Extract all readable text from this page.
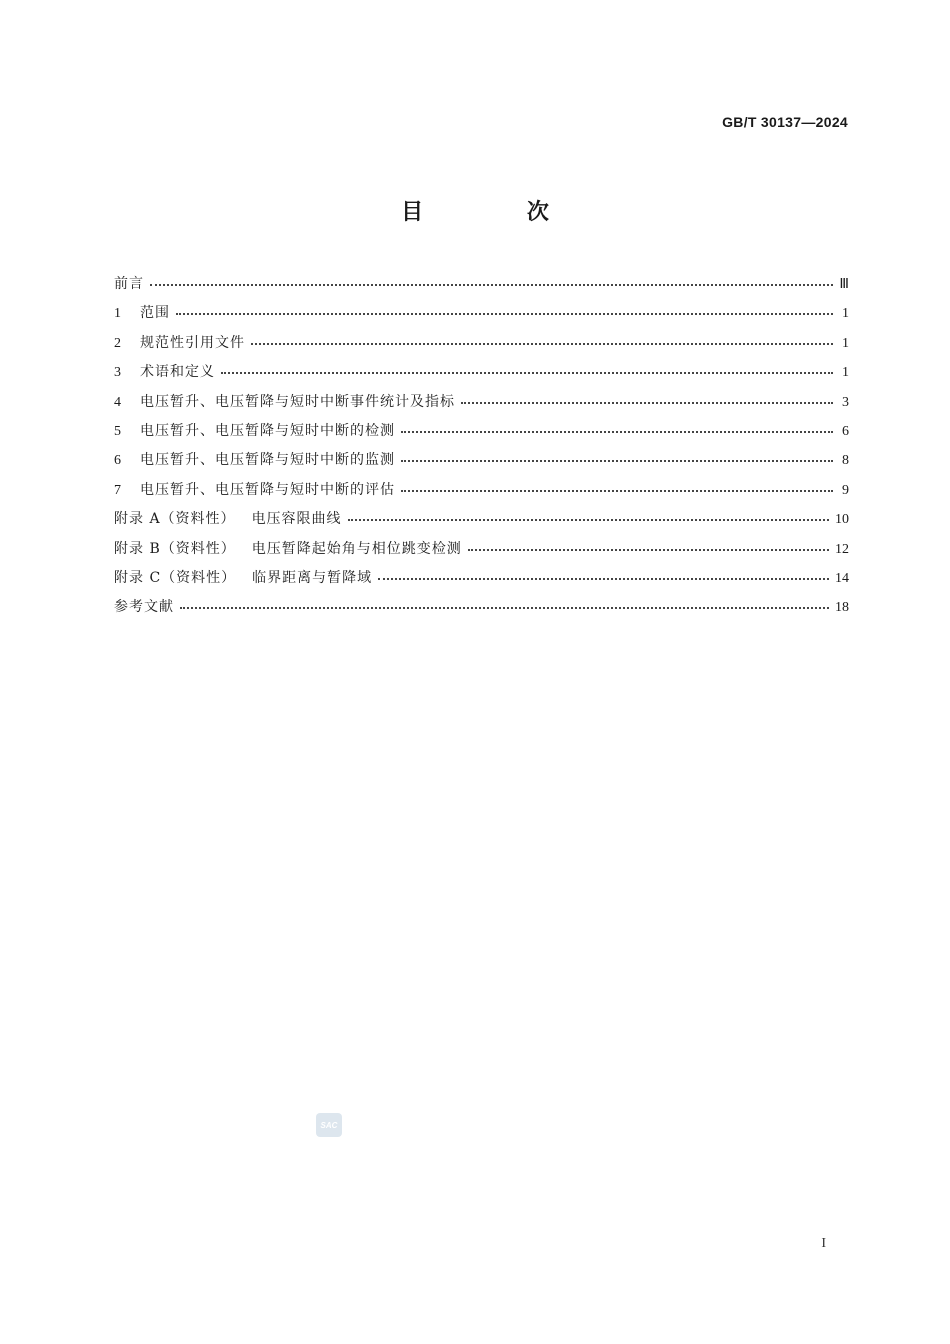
GB/T 30137—2024
目 次
前言	Ⅲ
1	范围	1
2	规范性引用文件	1
3	术语和定义	1
4	电压暂升、电压暂降与短时中断事件统计及指标	3
5	电压暂升、电压暂降与短时中断的检测	6
6	电压暂升、电压暂降与短时中断的监测	8
7	电压暂升、电压暂降与短时中断的评估	9
附录 A（资料性） 电压容限曲线	10
附录 B（资料性） 电压暂降起始角与相位跳变检测	12
附录 C（资料性） 临界距离与暂降域	14
参考文献	18
SAC
I
